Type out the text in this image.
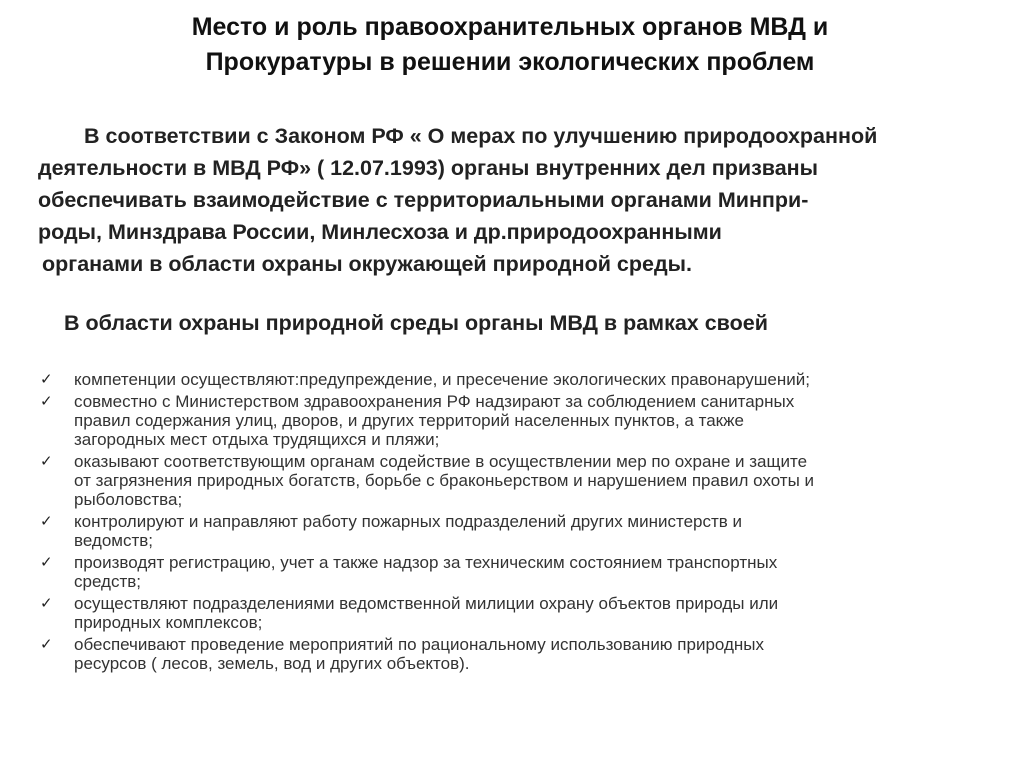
Место и роль правоохранительных органов МВД и
Прокуратуры в решении экологических проблем
В соответствии с Законом РФ « О мерах по улучшению природоохранной
деятельности в МВД РФ» ( 12.07.1993) органы внутренних дел призваны
обеспечивать взаимодействие с территориальными органами Минпри-
роды, Минздрава России, Минлесхоза и др.природоохранными
органами в области охраны окружающей природной среды.
В области охраны природной среды органы МВД в рамках своей
✓	компетенции осуществляют:предупреждение, и пресечение экологических правонарушений;
✓	совместно с Министерством здравоохранения РФ надзирают за соблюдением санитарных
правил содержания улиц, дворов, и других территорий населенных пунктов, а также
загородных мест отдыха трудящихся и пляжи;
✓	оказывают соответствующим органам содействие в осуществлении мер по охране и защите
от загрязнения природных богатств, борьбе с браконьерством и нарушением правил охоты и
рыболовства;
✓	контролируют и направляют работу пожарных подразделений других министерств и
ведомств;
✓	производят регистрацию, учет а также надзор за техническим состоянием транспортных
средств;
✓	осуществляют подразделениями ведомственной милиции охрану объектов природы или
природных комплексов;
✓	обеспечивают проведение мероприятий по рациональному использованию природных
ресурсов ( лесов, земель, вод и других объектов).
